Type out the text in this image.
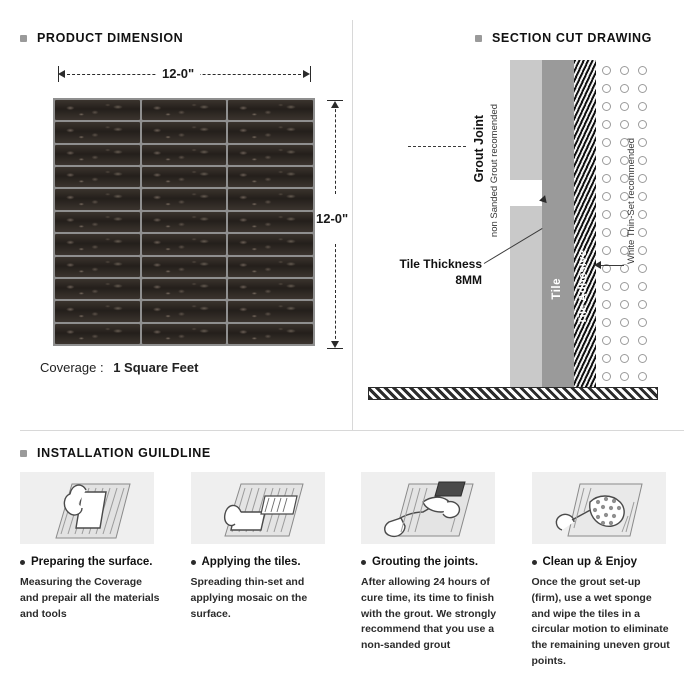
PRODUCT DIMENSION	SECTION CUT DRAWING
12-0"
12-0"
Coverage : 1 Square Feet
Grout Joint non Sanded Grout recomended
Tile Tile Adhesive
White Thin-Set recommended
Tile Thickness
8MM
INSTALLATION GUILDLINE
Preparing the surface.
Measuring the Coverage and prepair all the materials and tools
Applying the tiles.
Spreading thin-set and applying mosaic on the surface.
Grouting the joints.
After allowing 24 hours of cure time, its time to finish with the grout. We strongly recommend that you use a non-sanded grout
Clean up & Enjoy
Once the grout set-up (firm), use a wet sponge and wipe the tiles in a circular motion to eliminate the remaining uneven grout points.
